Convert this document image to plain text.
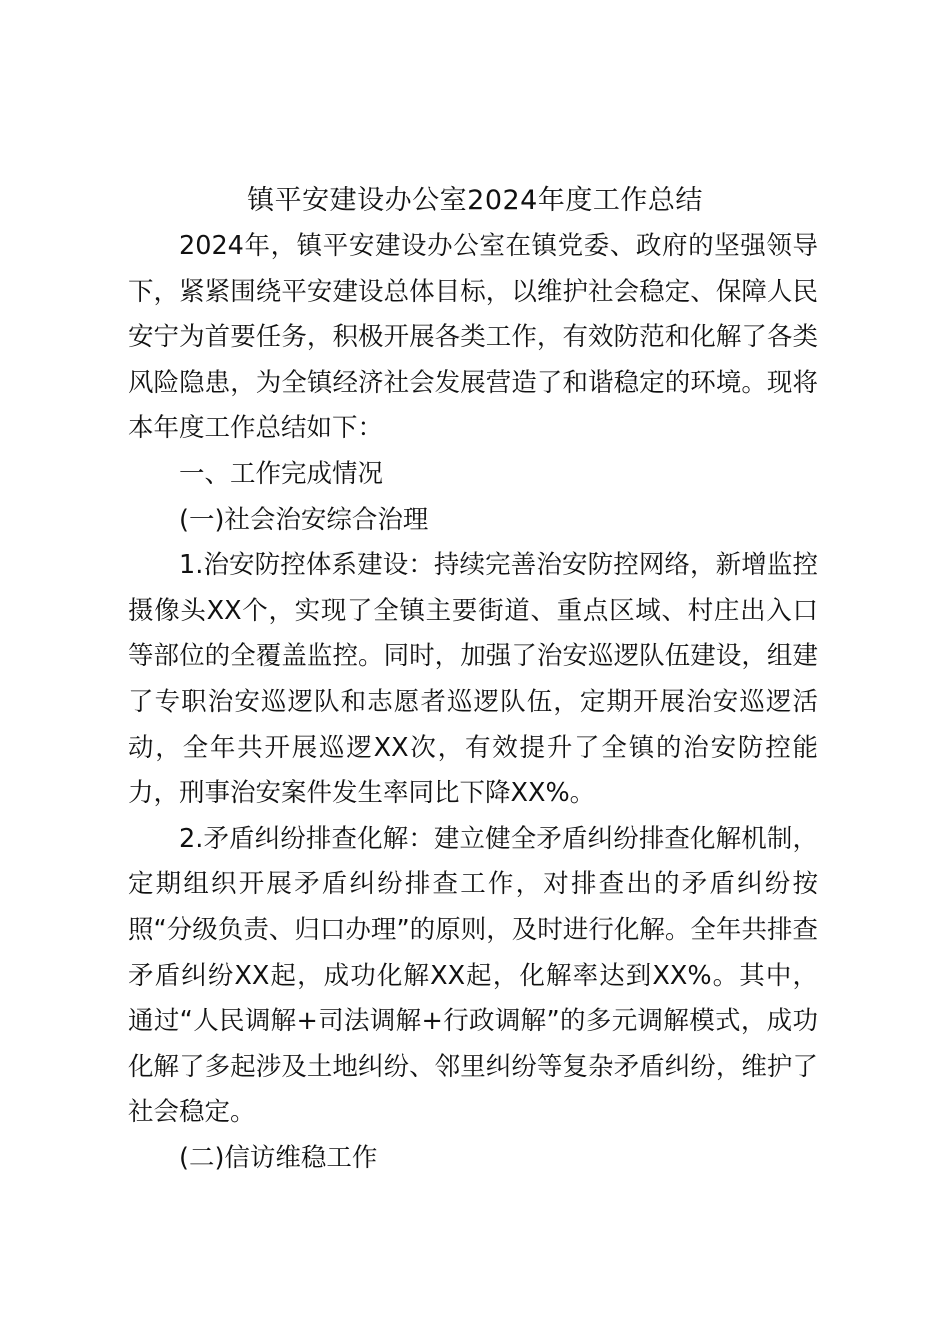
镇平安建设办公室2024年度工作总结

2024年，镇平安建设办公室在镇党委、政府的坚强领导下，紧紧围绕平安建设总体目标，以维护社会稳定、保障人民安宁为首要任务，积极开展各类工作，有效防范和化解了各类风险隐患，为全镇经济社会发展营造了和谐稳定的环境。现将本年度工作总结如下：

一、工作完成情况

(一)社会治安综合治理

1.治安防控体系建设：持续完善治安防控网络，新增监控摄像头XX个，实现了全镇主要街道、重点区域、村庄出入口等部位的全覆盖监控。同时，加强了治安巡逻队伍建设，组建了专职治安巡逻队和志愿者巡逻队伍，定期开展治安巡逻活动，全年共开展巡逻XX次，有效提升了全镇的治安防控能力，刑事治安案件发生率同比下降XX%。

2.矛盾纠纷排查化解：建立健全矛盾纠纷排查化解机制，定期组织开展矛盾纠纷排查工作，对排查出的矛盾纠纷按照“分级负责、归口办理”的原则，及时进行化解。全年共排查矛盾纠纷XX起，成功化解XX起，化解率达到XX%。其中，通过“人民调解+司法调解+行政调解”的多元调解模式，成功化解了多起涉及土地纠纷、邻里纠纷等复杂矛盾纠纷，维护了社会稳定。

(二)信访维稳工作
